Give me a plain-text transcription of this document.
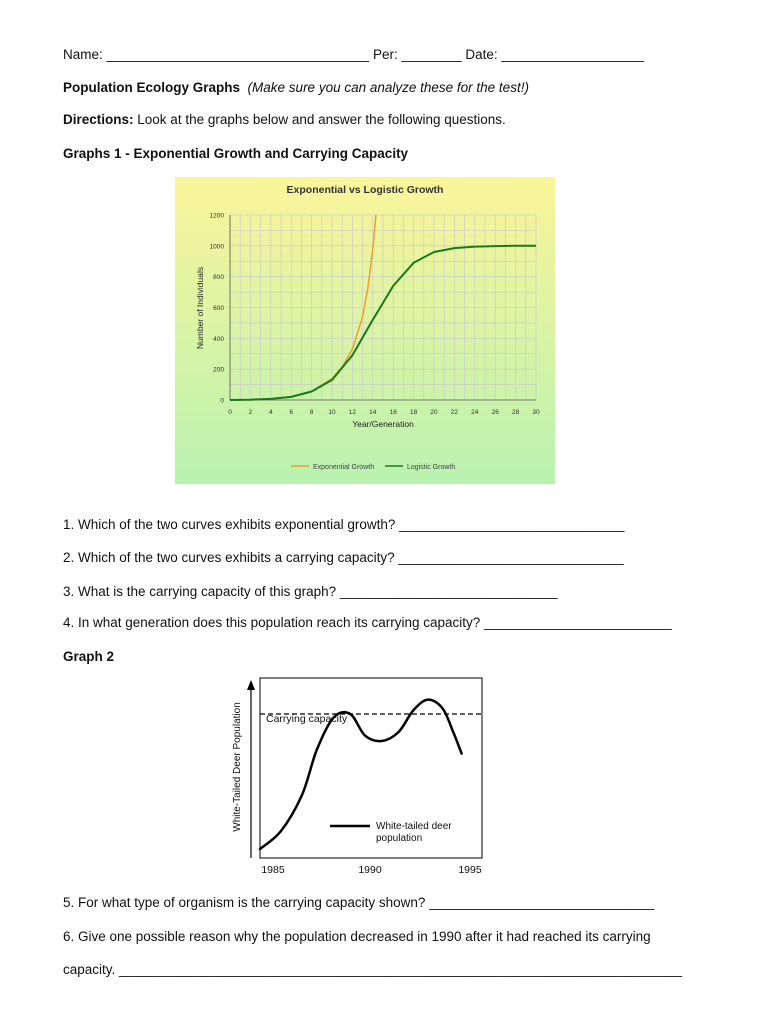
Name: ___________________________________ Per: ________ Date: ___________________
Population Ecology Graphs (Make sure you can analyze these for the test!)
Directions: Look at the graphs below and answer the following questions.
Graphs 1 - Exponential Growth and Carrying Capacity
Exponential vs Logistic Growth
0	2	4	6	8 10 12 14 16 18 20 22 24 26 28 30
0
200
400
600
800
1000
1200
Number of Individuals
Year/Generation
Exponential Growth	Logistic Growth
1. Which of the two curves exhibits exponential growth? ______________________________
2. Which of the two curves exhibits a carrying capacity? ______________________________
3. What is the carrying capacity of this graph? _____________________________
4. In what generation does this population reach its carrying capacity? _________________________
Graph 2
White-Tailed Deer Population Carrying capacity
White-tailed deer
population
1985	1990	1995
5. For what type of organism is the carrying capacity shown? ______________________________
6. Give one possible reason why the population decreased in 1990 after it had reached its carrying
capacity. ___________________________________________________________________________
